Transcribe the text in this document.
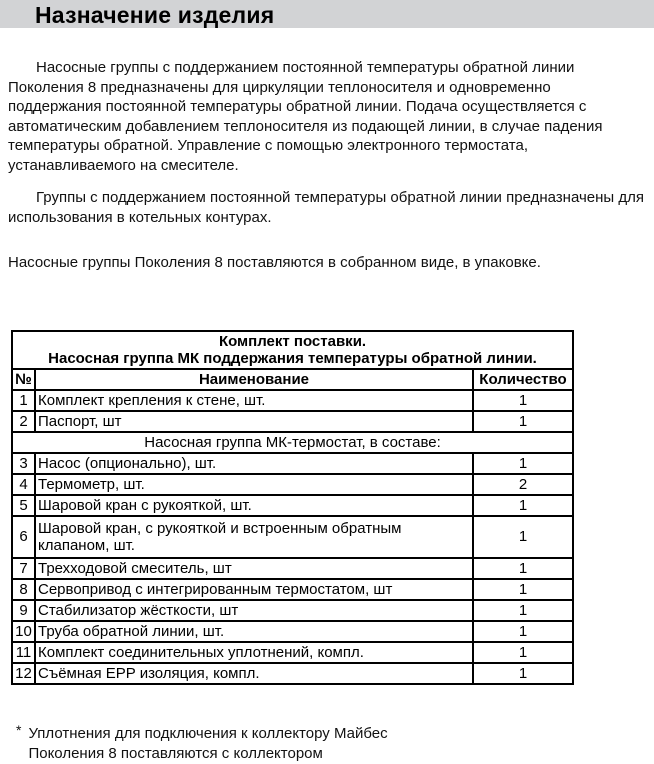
Назначение изделия

Насосные группы с поддержанием постоянной температуры обратной линии Поколения 8 предназначены для циркуляции теплоносителя и одновременно поддержания постоянной температуры обратной линии. Подача осуществляется с автоматическим добавлением теплоносителя из подающей линии, в случае падения температуры обратной. Управление с помощью электронного термостата, устанавливаемого на смесителе.

Группы с поддержанием постоянной температуры обратной линии предназначены для использования в котельных контурах.

Насосные группы Поколения 8 поставляются в собранном виде, в упаковке.

Комплект поставки.
Насосная группа МК поддержания температуры обратной линии.		

№	Наименование	Количество
1	Комплект крепления к стене, шт.	1
2	Паспорт, шт	1
Насосная группа МК-термостат, в составе:		
3	Насос (опционально), шт.	1
4	Термометр, шт.	2
5	Шаровой кран с рукояткой, шт.	1
6	Шаровой кран, с рукояткой и встроенным обратным клапаном, шт.	1
7	Трехходовой смеситель, шт	1
8	Сервопривод с интегрированным термостатом, шт	1
9	Стабилизатор жёсткости, шт	1
10	Труба обратной линии, шт.	1
11	Комплект соединительных уплотнений, компл.	1
12	Съёмная EPP изоляция, компл.	1
* Уплотнения для подключения к коллектору Майбес
Поколения 8 поставляются с коллектором
